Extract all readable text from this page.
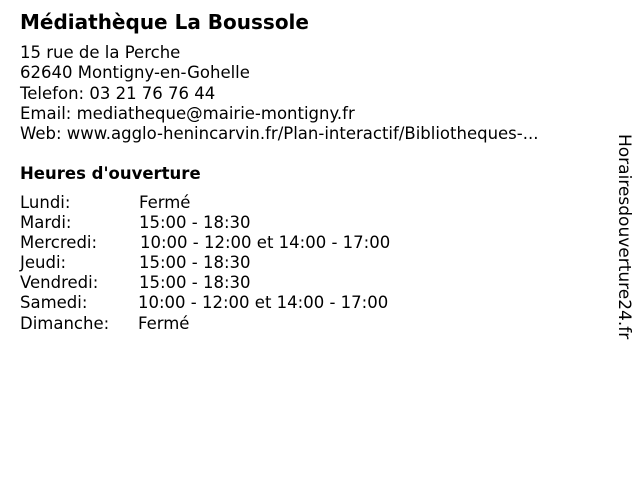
Médiathèque La Boussole
15 rue de la Perche
62640 Montigny-en-Gohelle
Telefon: 03 21 76 76 44
Email: mediatheque@mairie-montigny.fr
Web: www.agglo-henincarvin.fr/Plan-interactif/Bibliotheques-...
Heures d'ouverture
Lundi:	Fermé
Mardi:	15:00 - 18:30
Mercredi:	10:00 - 12:00 et 14:00 - 17:00
Jeudi:	15:00 - 18:30
Vendredi: 15:00 - 18:30
Samedi:	10:00 - 12:00 et 14:00 - 17:00
Dimanche: Fermé	Horairesdouverture24.fr
